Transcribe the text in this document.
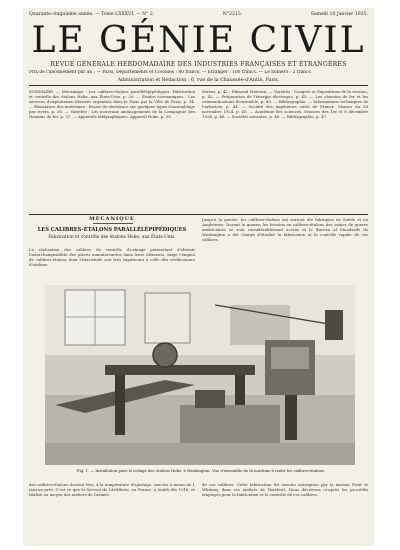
Quarante-cinquième année. — Tome LXXXVI. — N° 2.	N°2213.	Samedi 10 Janvier 1925.
LE GÉNIE CIVIL
REVUE GÉNÉRALE HEBDOMADAIRE DES INDUSTRIES FRANÇAISES ET ÉTRANGÈRES
Prix de l'abonnement par an : — Paris, Départements et Colonies : 80 francs. — Étranger : 100 francs. — Le numéro : 2 francs
Administration et Rédaction : 6, rue de la Chaussée-d'Antin, Paris.
SOMMAIRE. — Mécanique : Les calibres-étalons parallélépipédiques. Fabrication et contrôle des étalons Hoke, aux États-Unis, p. 29. — Études économiques : Les services d'exploitation illustrés organisés dans le Paris par la Ville de Paris, p. 34. — Résistance des matériaux : Essais de résistance sur quelques types d'assemblage par rivets, p. 36. — Variétés : Les nouveaux aménagements de la Compagnie des chemins de fer, p. 37. — Appareils télégraphiques. Appareil Hoke, p. 38.
dérées, p. 42 ; Edmond Marconi. — Variétés : Congrès et Expositions de la session, p. 42. — Préparation de l'énergie électrique, p. 43. — Les chemins de fer et les communications d'ensemble, p. 43. — Bibliographie. — Informations techniques de l'industrie, p. 44. — Société des ingénieurs civils de France. Séance du 28 novembre 1924, p. 45. — Académie des sciences. Séances des 1er et 8 décembre 1924, p. 46. — Sociétés savantes, p. 46. — Bibliographie, p. 47.
MÉCANIQUE
LES CALIBRES-ÉTALONS PARALLÉLÉPIPÉDIQUES
Fabrication et contrôle des étalons Hoke, aux États-Unis.
La réalisation des calibres de contrôle d'usinage permettant d'obtenir l'interchangeabilité des pièces manufacturées dans leurs éléments, exige l'emploi de calibres-étalons dont l'exactitude soit très supérieure à celle des vérificateurs d'ateliers.
Jusqu'à la guerre, les calibres-étalons ont surtout été fabriqués en Suède et en Angleterre. Durant la guerre, les besoins en calibres-étalons des usines de guerre américaines se sont considérablement accrus et le Bureau of Standards de Washington a été chargé d'étudier la fabrication et le contrôle rapide de ces calibres.
Fig. 1. — Installation pour le rodage des étalons Hoke, à Washington. Vue d'ensemble de la machine à roder les calibres-étalons.
des calibres-étalons doivent être, à la température d'ajustage, exactes à moins de 1 micron près. C'est ce que le Service de l'Artillerie, en France, a établi dès 1916, et réalisé au moyen des ateliers de l'armée.
de ces calibres. Cette fabrication fut ensuite entreprise par la maison Pratt et Whitney, dans ses ateliers de Hartford. Nous décrivons ci-après les procédés employés pour la fabrication et le contrôle de ces calibres.
